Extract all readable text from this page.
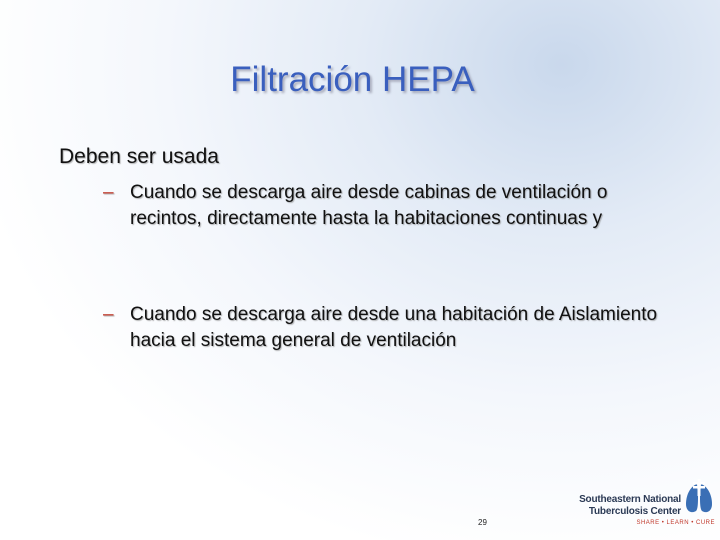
Filtración HEPA

Deben ser usada

– Cuando se descarga aire desde cabinas de ventilación o recintos, directamente hasta la habitaciones continuas y
– Cuando se descarga aire desde una habitación de Aislamiento hacia el sistema general de ventilación
29
Southeastern National
Tuberculosis Center
SHARE • LEARN • CURE
